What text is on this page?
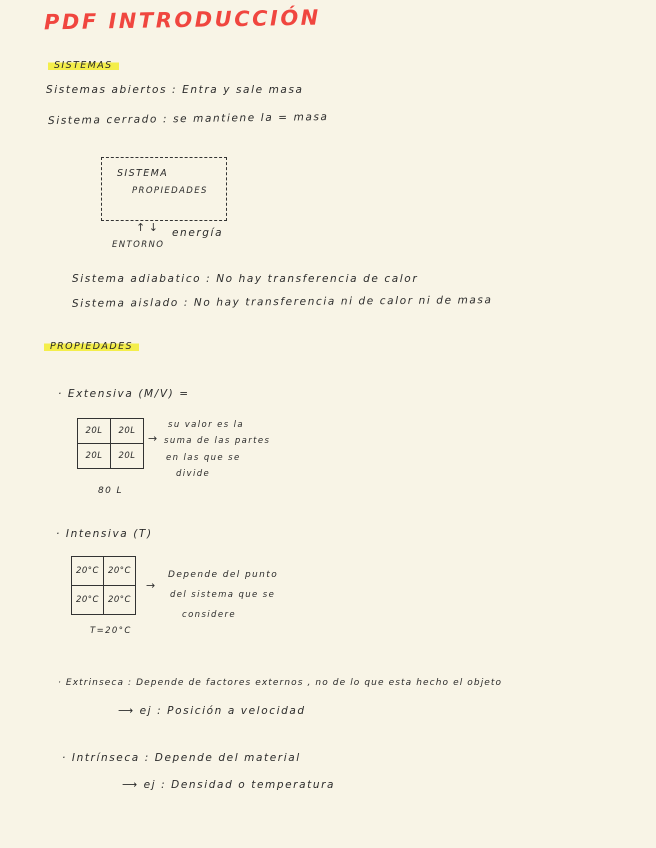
PDF INTRODUCCIÓN
SISTEMAS
Sistemas abiertos : Entra y sale masa
Sistema cerrado : se mantiene la = masa
SISTEMA
PROPIEDADES
↑ ↓ energía
ENTORNO
Sistema adiabatico : No hay transferencia de calor
Sistema aislado : No hay transferencia ni de calor ni de masa
PROPIEDADES
· Extensiva (M/V) =
20L	20L
20L	20L
→
su valor es la
suma de las partes
en las que se
divide
80 L
· Intensiva (T)
20°C	20°C
20°C	20°C
→
Depende del punto
del sistema que se
considere
T=20°C
· Extrinseca : Depende de factores externos , no de lo que esta hecho el objeto
⟶ ej : Posición a velocidad
· Intrínseca : Depende del material
⟶ ej : Densidad o temperatura
